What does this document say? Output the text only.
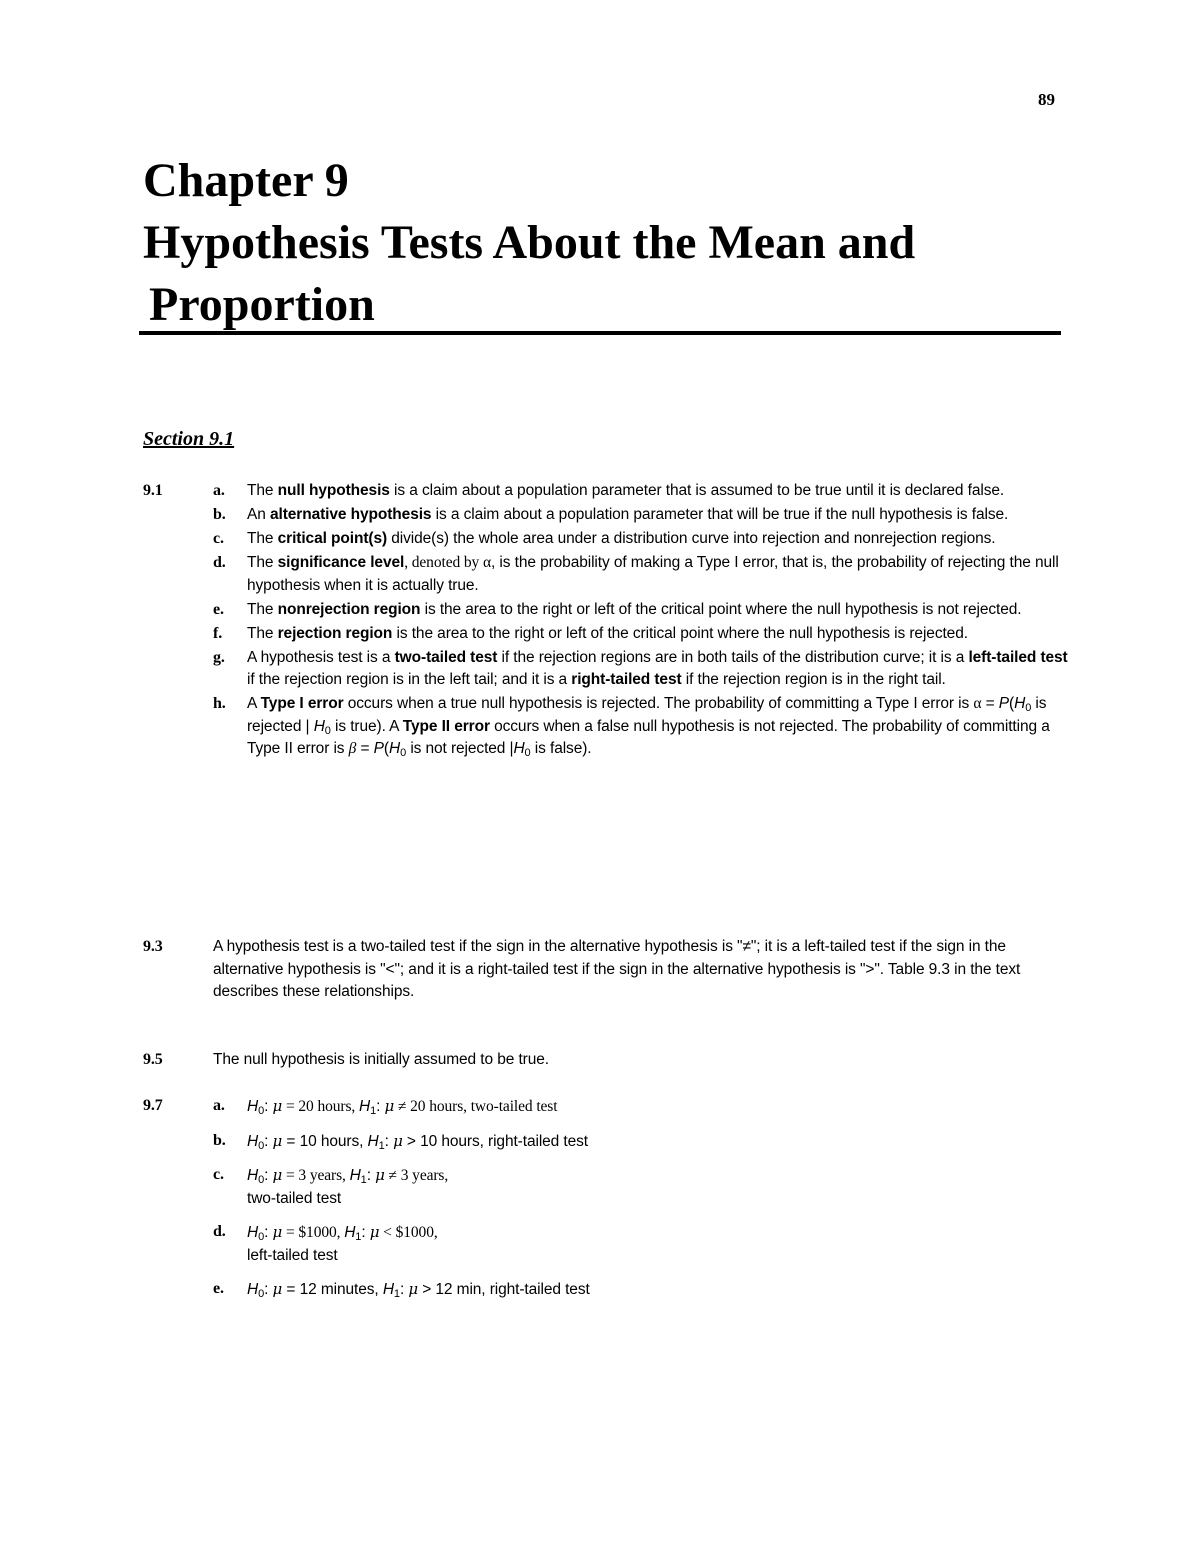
89
Chapter 9
Hypothesis Tests About the Mean and
Proportion
Section 9.1
9.1	a. The null hypothesis is a claim about a population parameter that is assumed to be true until it is declared false.
b. An alternative hypothesis is a claim about a population parameter that will be true if the null hypothesis is false.
c. The critical point(s) divide(s) the whole area under a distribution curve into rejection and nonrejection regions.
d. The significance level, denoted by α, is the probability of making a Type I error, that is, the probability of rejecting the null hypothesis when it is actually true.
e. The nonrejection region is the area to the right or left of the critical point where the null hypothesis is not rejected.
f. The rejection region is the area to the right or left of the critical point where the null hypothesis is rejected.
g. A hypothesis test is a two-tailed test if the rejection regions are in both tails of the distribution curve; it is a left-tailed test if the rejection region is in the left tail; and it is a right-tailed test if the rejection region is in the right tail.
h. A Type I error occurs when a true null hypothesis is rejected. The probability of committing a Type I error is $\alpha = P(H_0$ is rejected | $H_0$ is true). A Type II error occurs when a false null hypothesis is not rejected. The probability of committing a Type II error is $\beta = P(H_0$ is not rejected $|H_0$ is false).
9.3	A hypothesis test is a two-tailed test if the sign in the alternative hypothesis is "≠"; it is a left-tailed test if the sign in the alternative hypothesis is "<"; and it is a right-tailed test if the sign in the alternative hypothesis is ">". Table 9.3 in the text describes these relationships.
9.5	The null hypothesis is initially assumed to be true.
9.7	a. $H_0$: μ = 20 hours, $H_1$: μ ≠ 20 hours, two-tailed test
b. $H_0$: μ = 10 hours, $H_1$: μ > 10 hours, right-tailed test
c. $H_0$: μ = 3 years, $H_1$: μ ≠ 3 years,
two-tailed test
d. $H_0$: μ = $1000, $H_1$: μ < $1000,
left-tailed test
e. $H_0$: μ = 12 minutes, $H_1$: μ > 12 min, right-tailed test
